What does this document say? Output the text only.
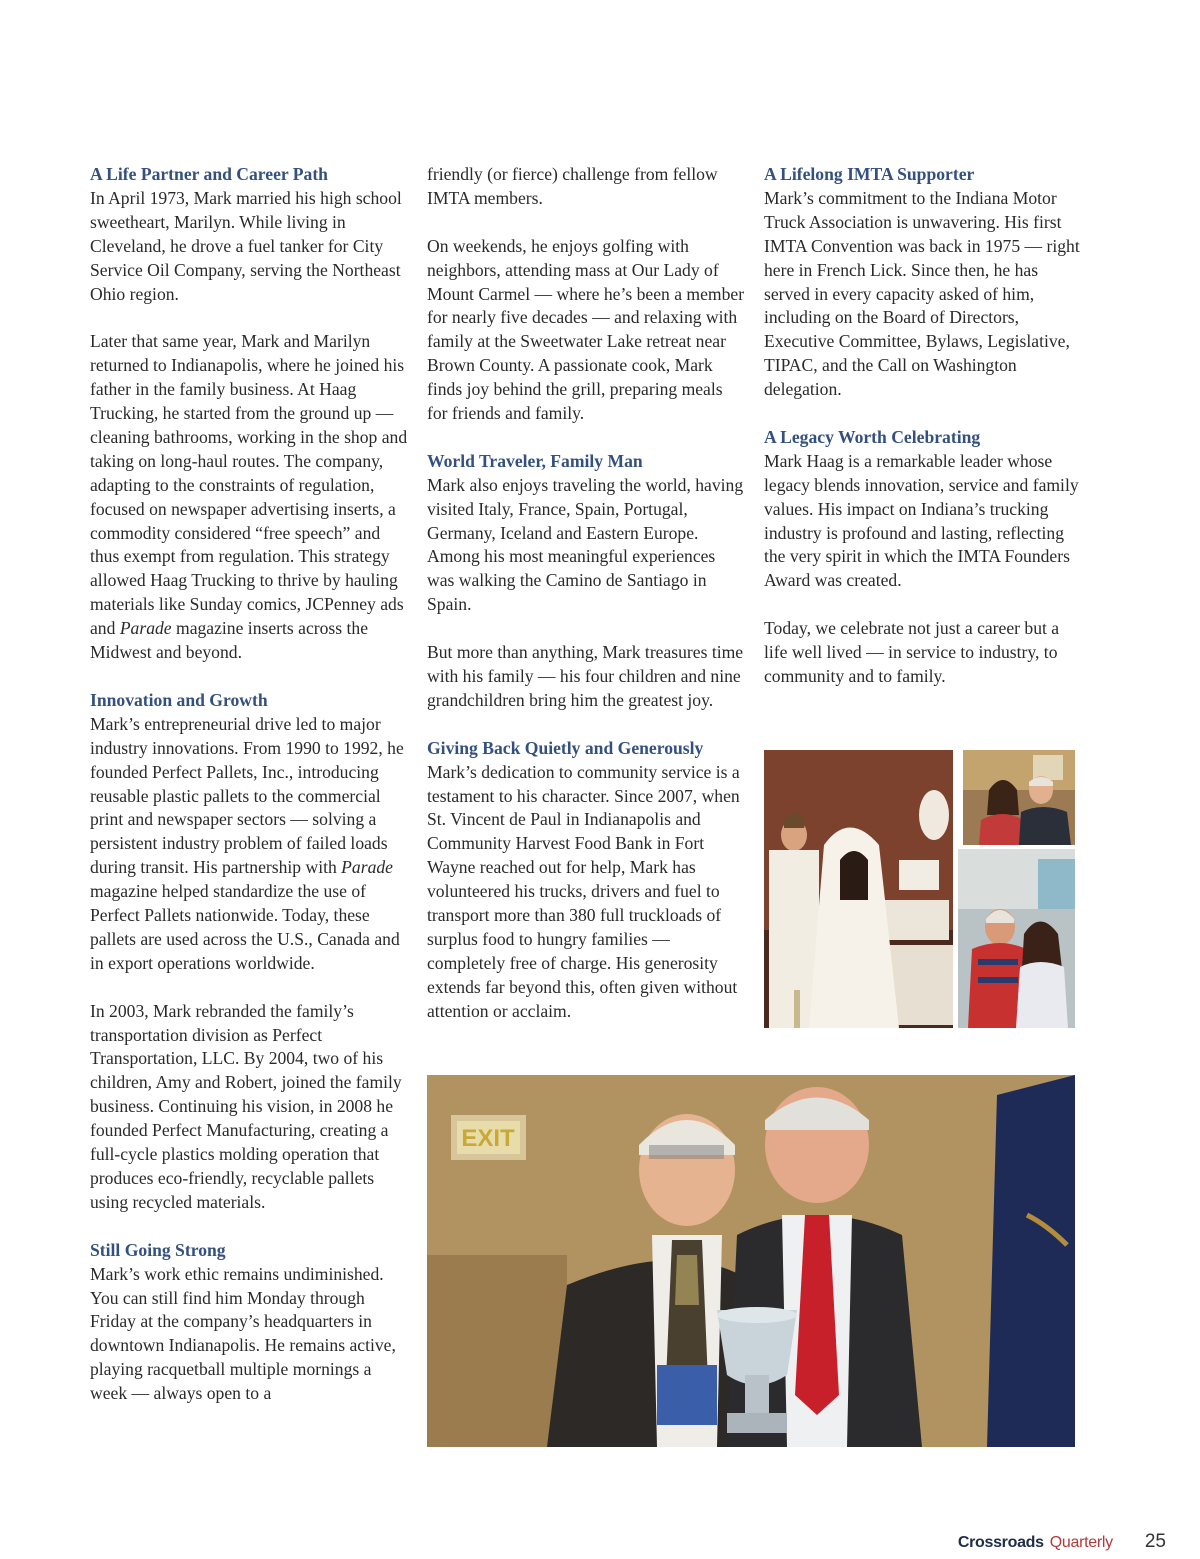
A Life Partner and Career Path

In April 1973, Mark married his high school sweetheart, Marilyn. While living in Cleveland, he drove a fuel tanker for City Service Oil Company, serving the Northeast Ohio region.

Later that same year, Mark and Marilyn returned to Indianapolis, where he joined his father in the family business. At Haag Trucking, he started from the ground up — cleaning bathrooms, working in the shop and taking on long-haul routes. The company, adapting to the constraints of regulation, focused on newspaper advertising inserts, a commodity considered “free speech” and thus exempt from regulation. This strategy allowed Haag Trucking to thrive by hauling materials like Sunday comics, JCPenney ads and Parade magazine inserts across the Midwest and beyond.

Innovation and Growth

Mark’s entrepreneurial drive led to major industry innovations. From 1990 to 1992, he founded Perfect Pallets, Inc., introducing reusable plastic pallets to the commercial print and newspaper sectors — solving a persistent industry problem of failed loads during transit. His partnership with Parade magazine helped standardize the use of Perfect Pallets nationwide. Today, these pallets are used across the U.S., Canada and in export operations worldwide.

In 2003, Mark rebranded the family’s transportation division as Perfect Transportation, LLC. By 2004, two of his children, Amy and Robert, joined the family business. Continuing his vision, in 2008 he founded Perfect Manufacturing, creating a full-cycle plastics molding operation that produces eco-friendly, recyclable pallets using recycled materials.

Still Going Strong

Mark’s work ethic remains undiminished. You can still find him Monday through Friday at the company’s headquarters in downtown Indianapolis. He remains active, playing racquetball multiple mornings a week — always open to a

friendly (or fierce) challenge from fellow IMTA members.

On weekends, he enjoys golfing with neighbors, attending mass at Our Lady of Mount Carmel — where he’s been a member for nearly five decades — and relaxing with family at the Sweetwater Lake retreat near Brown County. A passionate cook, Mark finds joy behind the grill, preparing meals for friends and family.

World Traveler, Family Man

Mark also enjoys traveling the world, having visited Italy, France, Spain, Portugal, Germany, Iceland and Eastern Europe. Among his most meaningful experiences was walking the Camino de Santiago in Spain.

But more than anything, Mark treasures time with his family — his four children and nine grandchildren bring him the greatest joy.

Giving Back Quietly and Generously

Mark’s dedication to community service is a testament to his character. Since 2007, when St. Vincent de Paul in Indianapolis and Community Harvest Food Bank in Fort Wayne reached out for help, Mark has volunteered his trucks, drivers and fuel to transport more than 380 full truckloads of surplus food to hungry families — completely free of charge. His generosity extends far beyond this, often given without attention or acclaim.

A Lifelong IMTA Supporter

Mark’s commitment to the Indiana Motor Truck Association is unwavering. His first IMTA Convention was back in 1975 — right here in French Lick. Since then, he has served in every capacity asked of him, including on the Board of Directors, Executive Committee, Bylaws, Legislative, TIPAC, and the Call on Washington delegation.

A Legacy Worth Celebrating

Mark Haag is a remarkable leader whose legacy blends innovation, service and family values. His impact on Indiana’s trucking industry is profound and lasting, reflecting the very spirit in which the IMTA Founders Award was created.

Today, we celebrate not just a career but a life well lived — in service to industry, to community and to family.

EXIT
Crossroads Quarterly 25
